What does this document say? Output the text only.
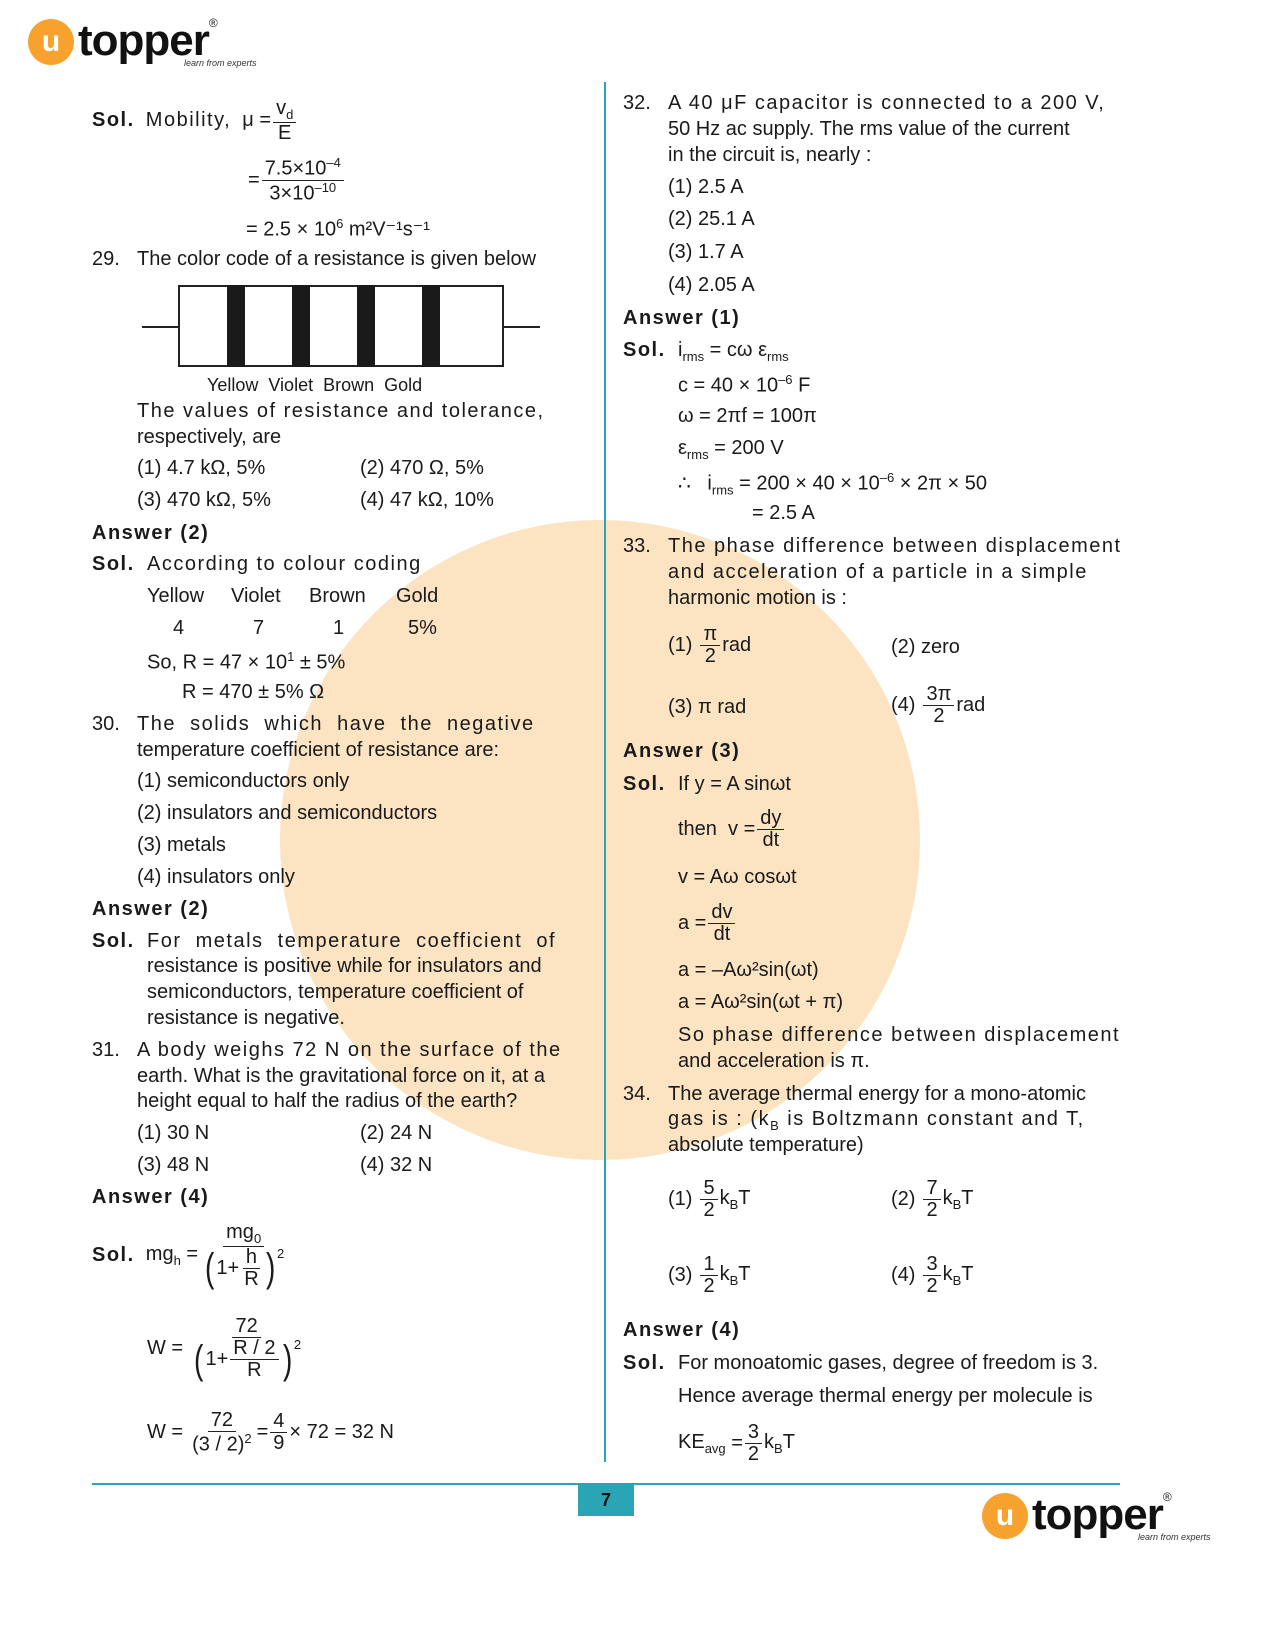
u topper®
learn from experts
Sol.
Mobility,
$\mu = \frac{v_d}{E}$
= $\frac{7.5\times 10^{-4}}{3\times 10^{-10}}$
= $2.5 \times 10^6$ m²V⁻¹s⁻¹
29. The color code of a resistance is given below
Yellow  Violet  Brown  Gold
The values of resistance and tolerance,
respectively, are
(1) 4.7 kΩ, 5%	(2) 470 Ω, 5%
(3) 470 kΩ, 5%	(4) 47 kΩ, 10%
Answer (2)
Sol. According to colour coding
Yellow Violet Brown Gold
4	7	1	5%
So, $R = 47 \times 10^1 \pm 5\%$
R = 470 ± 5% Ω
30. The  solids  which  have  the  negative
temperature coefficient of resistance are:
(1) semiconductors only
(2) insulators and semiconductors
(3) metals
(4) insulators only
Answer (2)
Sol. For  metals  temperature  coefficient  of
resistance is positive while for insulators and
semiconductors, temperature coefficient of
resistance is negative.
31. A body weighs 72 N on the surface of the
earth. What is the gravitational force on it, at a
height equal to half the radius of the earth?
(1) 30 N	(2) 24 N
(3) 48 N	(4) 32 N
Answer (4)
Sol.
$mg_h = \frac{mg_0}{( 1+ \frac{h}{R} )^2}$
$W = \frac{72}{( 1+ \frac{R / 2}{R} )^2}$
$W = \frac{72}{(3 / 2)^2} = \frac{4}{9} \times 72 = 32$ N
32. A 40 μF capacitor is connected to a 200 V,
50 Hz ac supply. The rms value of the current
in the circuit is, nearly :
(1) 2.5 A
(2) 25.1 A
(3) 1.7 A
(4) 2.05 A
Answer (1)
Sol. $i_{rms} = c\omega$ $\varepsilon_{rms}$
$c = 40 \times 10^{-6}$ F
ω = 2πf = 100π
$\varepsilon_{rms} = 200$ V
∴ $i_{rms} = 200 \times 40 \times 10^{-6} \times 2\pi \times 50$
= 2.5 A
33. The phase difference between displacement
and acceleration of a particle in a simple
harmonic motion is :
$(1) \frac{\pi}{2}$ rad	(2) zero
(3) π rad	$(4) \frac{3\pi}{2}$ rad
Answer (3)
Sol. If y = A sinωt
then  $v = \frac{dy}{dt}$
v = Aω cosωt
$a = \frac{dv}{dt}$
a = –Aω²sin(ωt)
a = Aω²sin(ωt + π)
So phase difference between displacement
and acceleration is π.
34. The average thermal energy for a mono-atomic
gas is : ($k_B$ is Boltzmann constant and T,
absolute temperature)
$(1) \frac{5}{2} k_BT$	$(2) \frac{7}{2} k_BT$
$(3) \frac{1}{2} k_BT$	$(4) \frac{3}{2} k_BT$
Answer (4)
Sol. For monoatomic gases, degree of freedom is 3.
Hence average thermal energy per molecule is
$KE_{avg}$
= $\frac{3}{2} k_BT$
7	u topper®
learn from experts
